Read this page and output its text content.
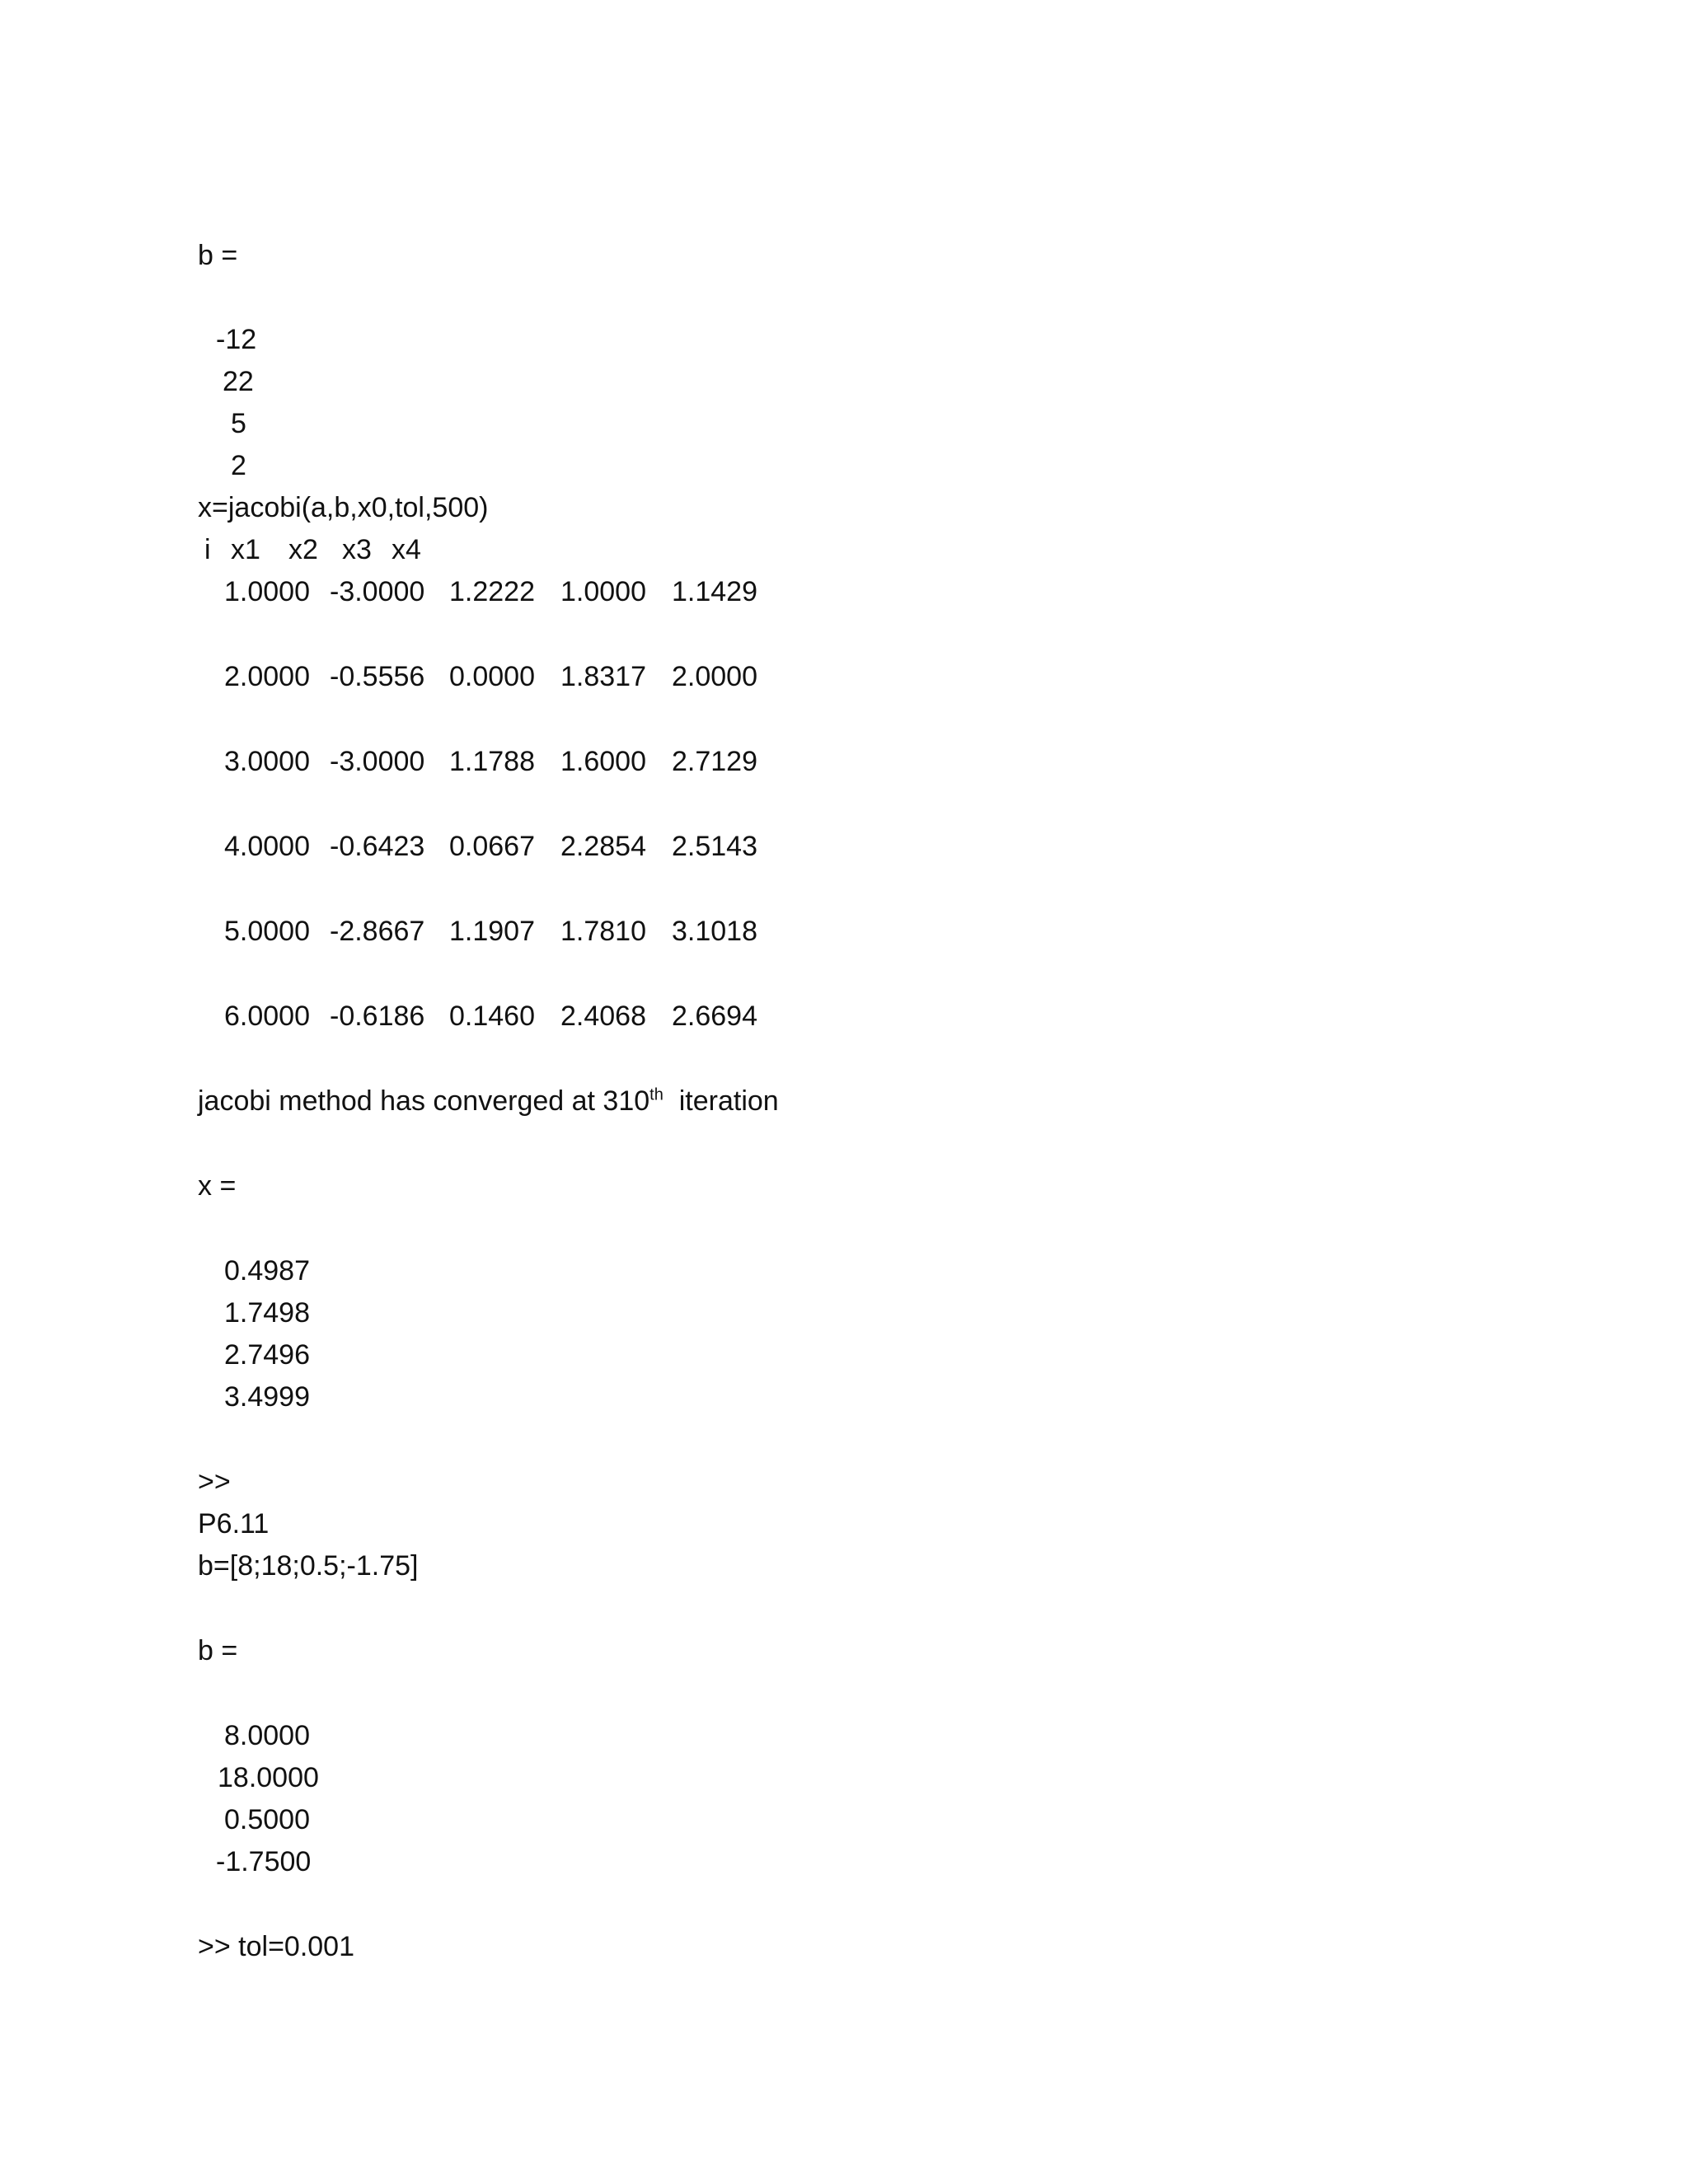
b =
-12
22
5
2
x=jacobi(a,b,x0,tol,500)
i x1 x2 x3 x4
1.0000 -3.0000 1.2222 1.0000 1.1429
2.0000 -0.5556 0.0000 1.8317 2.0000
3.0000 -3.0000 1.1788 1.6000 2.7129
4.0000 -0.6423 0.0667 2.2854 2.5143
5.0000 -2.8667 1.1907 1.7810 3.1018
6.0000 -0.6186 0.1460 2.4068 2.6694
jacobi method has converged at 310th  iteration
x =
0.4987
1.7498
2.7496
3.4999
>>
P6.11
b=[8;18;0.5;-1.75]
b =
8.0000
18.0000
0.5000
-1.7500
>> tol=0.001
